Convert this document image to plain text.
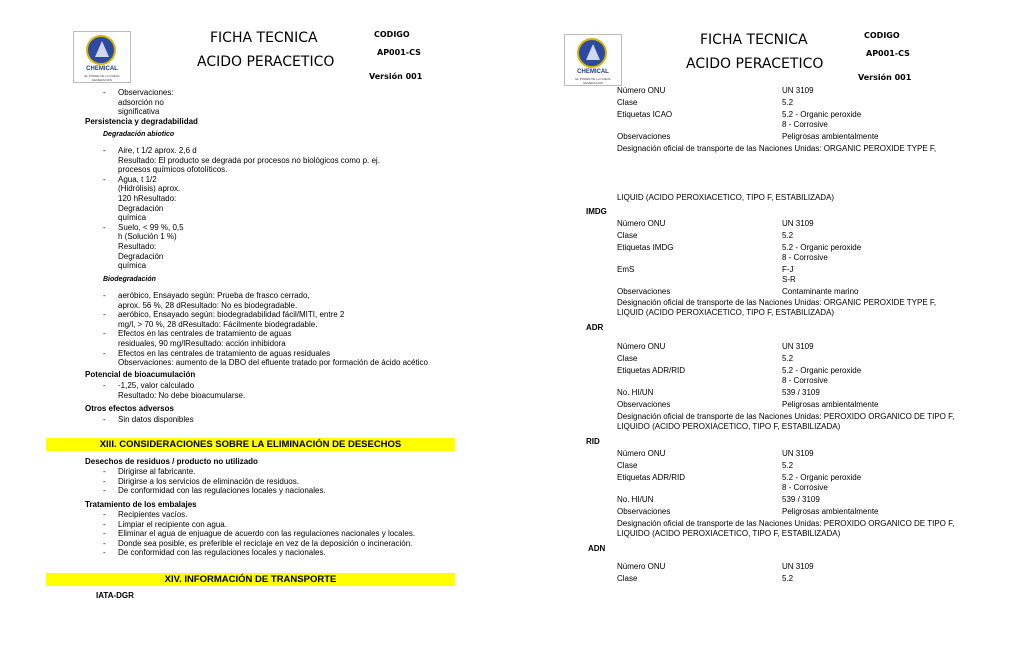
CHEMICAL
EL PODER DE LA NUEVA GENERACION
FICHA TECNICA
ACIDO PERACETICO
CODIGO
AP001-CS
Versión 001
- Observaciones:
adsorción no
significativa
Persistencia y degradabilidad
Degradación abiotico
- Aire, t 1/2 aprox. 2,6 d
Resultado: El producto se degrada por procesos no biológicos como p. ej.
procesos químicos ofotolíticos.
- Agua, t 1/2
(Hidrólisis) aprox.
120 hResultado:
Degradación
química
- Suelo, < 99 %, 0,5
h (Solución 1 %)
Resultado:
Degradación
química
Biodegradación
- aeróbico, Ensayado según: Prueba de frasco cerrado,
aprox. 56 %, 28 dResultado: No es biodegradable.
- aeróbico, Ensayado según: biodegradabilidad fácil/MITI, entre 2
mg/l, > 70 %, 28 dResultado: Fácilmente biodegradable.
- Efectos en las centrales de tratamiento de aguas
residuales, 90 mg/lResultado: acción inhibidora
- Efectos en las centrales de tratamiento de aguas residuales
Observaciones: aumento de la DBO del efluente tratado por formación de ácido acético
Potencial de bioacumulación
- -1,25, valor calculado
Resultado: No debe bioacumularse.
Otros efectos adversos
- Sin datos disponibles
XIII. CONSIDERACIONES SOBRE LA ELIMINACIÓN DE DESECHOS
Desechos de residuos / producto no utilizado
- Dirigirse al fabricante.
- Dirigirse a los servicios de eliminación de residuos.
- De conformidad con las regulaciones locales y nacionales.
Tratamiento de los embalajes
- Recipientes vacíos.
- Limpiar el recipiente con agua.
- Eliminar el agua de enjuague de acuerdo con las regulaciones nacionales y locales.
- Donde sea posible, es preferible el reciclaje en vez de la deposición o incineración.
- De conformidad con las regulaciones locales y nacionales.
XIV. INFORMACIÓN DE TRANSPORTE
IATA-DGR
CHEMICAL
EL PODER DE LA NUEVA GENERACION
FICHA TECNICA
ACIDO PERACETICO
CODIGO
AP001-CS
Versión 001
Número ONU	UN 3109
Clase	5.2
Etiquetas ICAO	5.2 - Organic peroxide
8 - Corrosive
Observaciones	Peligrosas ambientalmente
Designación oficial de transporte de las Naciones Unidas: ORGANIC PEROXIDE TYPE F,
LIQUID (ACIDO PEROXIACETICO, TIPO F, ESTABILIZADA)
IMDG
Número ONU	UN 3109
Clase	5.2
Etiquetas IMDG	5.2 - Organic peroxide
8 - Corrosive
EmS	F-J
S-R
Observaciones	Contaminante marino
Designación oficial de transporte de las Naciones Unidas: ORGANIC PEROXIDE TYPE F,
LIQUID (ACIDO PEROXIACETICO, TIPO F, ESTABILIZADA)
ADR
Número ONU	UN 3109
Clase	5.2
Etiquetas ADR/RID	5.2 - Organic peroxide
8 - Corrosive
No. HI/UN	539 / 3109
Observaciones	Peligrosas ambientalmente
Designación oficial de transporte de las Naciones Unidas: PEROXIDO ORGANICO DE TIPO F,
LIQUIDO (ACIDO PEROXIACETICO, TIPO F, ESTABILIZADA)
RID
Número ONU	UN 3109
Clase	5.2
Etiquetas ADR/RID	5.2 - Organic peroxide
8 - Corrosive
No. HI/UN	539 / 3109
Observaciones	Peligrosas ambientalmente
Designación oficial de transporte de las Naciones Unidas: PEROXIDO ORGANICO DE TIPO F,
LIQUIDO (ACIDO PEROXIACETICO, TIPO F, ESTABILIZADA)
ADN
Número ONU	UN 3109
Clase	5.2
